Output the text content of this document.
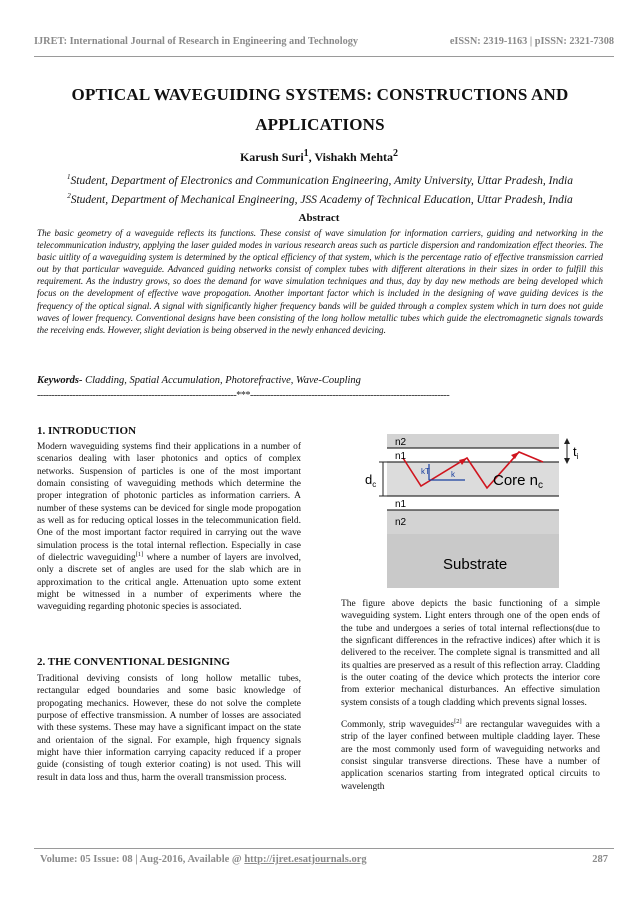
IJRET: International Journal of Research in Engineering and Technology	eISSN: 2319-1163 | pISSN: 2321-7308
OPTICAL WAVEGUIDING SYSTEMS: CONSTRUCTIONS AND
APPLICATIONS
Karush Suri$^1$, Vishakh Mehta$^2$
$^1$Student, Department of Electronics and Communication Engineering, Amity University, Uttar Pradesh, India
$^2$Student, Department of Mechanical Engineering, JSS Academy of Technical Education, Uttar Pradesh, India
Abstract
The basic geometry of a waveguide reflects its functions. These consist of wave simulation for information carriers, guiding and networking in the telecommunication industry, applying the laser guided modes in various research areas such as particle dispersion and randomization effect theories. The basic uitlity of a waveguiding system is determined by the optical efficiency of that system, which is the percentage ratio of effective transmission carried out by that particular waveguide. Advanced guiding networks consist of complex tubes with different alterations in their sizes in order to fulfill this requirement. As the industry grows, so does the demand for wave simulation techniques and thus, day by day new methods are being developed which focus on the development of effective wave propogation. Another important factor which is included in the designing of wave guiding devices is the frequency of the optical signal. A signal with significantly higher frequency bands will be guided through a complex system which in turn does not guide waves of lower frequency. Conventional designs have been consisting of the long hollow metallic tubes which guide the electromagnetic signals towards the receiving ends. However, slight deviation is being observed in the newly enhanced devicing.
Keywords- Cladding, Spatial Accumulation, Photorefractive, Wave-Coupling
--------------------------------------------------------------------***--------------------------------------------------------------------
1. INTRODUCTION

Modern waveguiding systems find their applications in a number of scenarios dealing with laser photonics and optics of complex networks. Suspension of particles is one of the most important domain consisting of waveguiding methods which determine the proper integration of photonic particles as information carriers. A number of these systems can be deviced for single mode propogation as well as for reducing optical losses in the telecommunication field. One of the most important factor required in carrying out the wave simulation process is the total internal reflection. Especially in case of dielectric waveguiding[1] where a number of layers are involved, only a discrete set of angles are used for the slab which are in approximation to the critical angle. Attenuation upto some extent might be witnessed in a number of experiments where the waveguiding regarding photonic species is associated.

2. THE CONVENTIONAL DESIGNING

Traditional deviving consists of long hollow metallic tubes, rectangular edged boundaries and some basic knowledge of propogating mechanics. However, these do not solve the complete purpose of effective transmission. A number of losses are associated with these systems. These may have a significant impact on the state and orientaion of the signal. For example, high frquency signals might have thier information carrying capacity reduced if a proper guide (consisting of tough exterior coating) is not used. This will result in data loss and thus, harm the overall transmission process.

n2
n1
kT	k	Core $n_c$
$d_c$
$t_i$
n1
n2
Substrate

The figure above depicts the basic functioning of a simple waveguiding system. Light enters through one of the open ends of the tube and undergoes a series of total internal reflections(due to the signficant differences in the refractive indices) after which it is delivered to the receiver. The complete signal is transmitted and all its qualties are preserved as a result of this reflection array. Cladding is the outer coating of the device which protects the interior core from exterior mechanical disturbances. An effective simulation system consists of a tough cladding which prevents signal losses.

Commonly, strip waveguides[2] are rectangular waveguides with a strip of the layer confined between multiple cladding layer. These are the most commonly used form of waveguiding networks and consist singular transverse directions. These have a number of application scenarios starting from integrated optical circuits to wavelength

Volume: 05 Issue: 08 | Aug-2016, Available @ http://ijret.esatjournals.org	287
